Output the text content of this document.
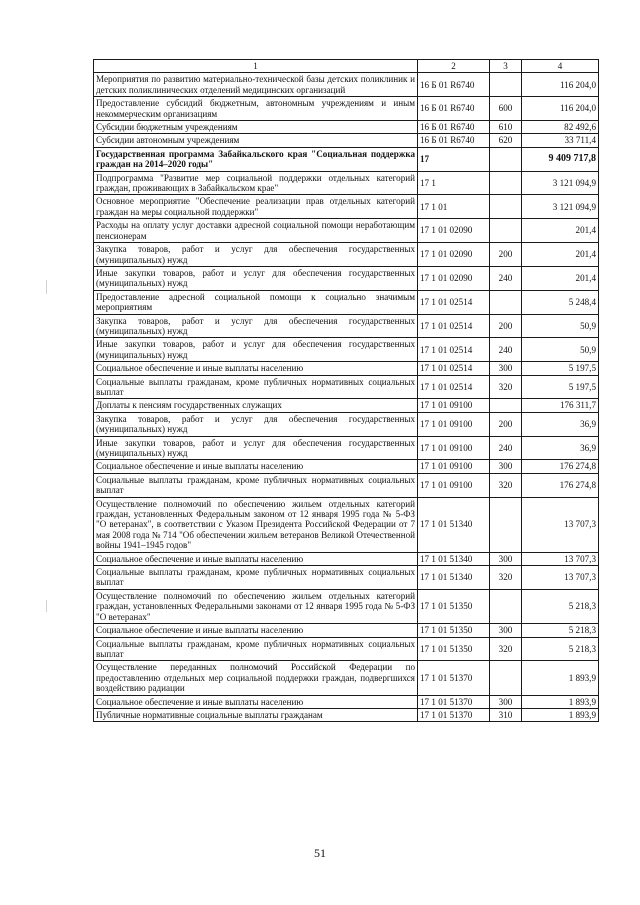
1	2	3	4
Мероприятия по развитию материально-технической базы детских поликлиник и детских поликлинических отделений медицинских организаций	16 Б 01 R6740		116 204,0
Предоставление субсидий бюджетным, автономным учреждениям и иным некоммерческим организациям	16 Б 01 R6740	600	116 204,0
Субсидии бюджетным учреждениям	16 Б 01 R6740	610	82 492,6
Субсидии автономным учреждениям	16 Б 01 R6740	620	33 711,4
Государственная программа Забайкальского края "Социальная поддержка граждан на 2014–2020 годы"	17		9 409 717,8
Подпрограмма "Развитие мер социальной поддержки отдельных категорий граждан, проживающих в Забайкальском крае"	17 1		3 121 094,9
Основное мероприятие "Обеспечение реализации прав отдельных категорий граждан на меры социальной поддержки"	17 1 01		3 121 094,9
Расходы на оплату услуг доставки адресной социальной помощи неработающим пенсионерам	17 1 01 02090		201,4
Закупка товаров, работ и услуг для обеспечения государственных (муниципальных) нужд	17 1 01 02090	200	201,4
Иные закупки товаров, работ и услуг для обеспечения государственных (муниципальных) нужд	17 1 01 02090	240	201,4
Предоставление адресной социальной помощи к социально значимым мероприятиям	17 1 01 02514		5 248,4
Закупка товаров, работ и услуг для обеспечения государственных (муниципальных) нужд	17 1 01 02514	200	50,9
Иные закупки товаров, работ и услуг для обеспечения государственных (муниципальных) нужд	17 1 01 02514	240	50,9
Социальное обеспечение и иные выплаты населению	17 1 01 02514	300	5 197,5
Социальные выплаты гражданам, кроме публичных нормативных социальных выплат	17 1 01 02514	320	5 197,5
Доплаты к пенсиям государственных служащих	17 1 01 09100		176 311,7
Закупка товаров, работ и услуг для обеспечения государственных (муниципальных) нужд	17 1 01 09100	200	36,9
Иные закупки товаров, работ и услуг для обеспечения государственных (муниципальных) нужд	17 1 01 09100	240	36,9
Социальное обеспечение и иные выплаты населению	17 1 01 09100	300	176 274,8
Социальные выплаты гражданам, кроме публичных нормативных социальных выплат	17 1 01 09100	320	176 274,8
Осуществление полномочий по обеспечению жильем отдельных категорий граждан, установленных Федеральным законом от 12 января 1995 года № 5-ФЗ "О ветеранах", в соответствии с Указом Президента Российской Федерации от 7 мая 2008 года № 714 "Об обеспечении жильем ветеранов Великой Отечественной войны 1941–1945 годов"	17 1 01 51340		13 707,3
Социальное обеспечение и иные выплаты населению	17 1 01 51340	300	13 707,3
Социальные выплаты гражданам, кроме публичных нормативных социальных выплат	17 1 01 51340	320	13 707,3
Осуществление полномочий по обеспечению жильем отдельных категорий граждан, установленных Федеральными законами от 12 января 1995 года № 5-ФЗ "О ветеранах"	17 1 01 51350		5 218,3
Социальное обеспечение и иные выплаты населению	17 1 01 51350	300	5 218,3
Социальные выплаты гражданам, кроме публичных нормативных социальных выплат	17 1 01 51350	320	5 218,3
Осуществление переданных полномочий Российской Федерации по предоставлению отдельных мер социальной поддержки граждан, подвергшихся воздействию радиации	17 1 01 51370		1 893,9
Социальное обеспечение и иные выплаты населению	17 1 01 51370	300	1 893,9
Публичные нормативные социальные выплаты гражданам	17 1 01 51370	310	1 893,9
51
